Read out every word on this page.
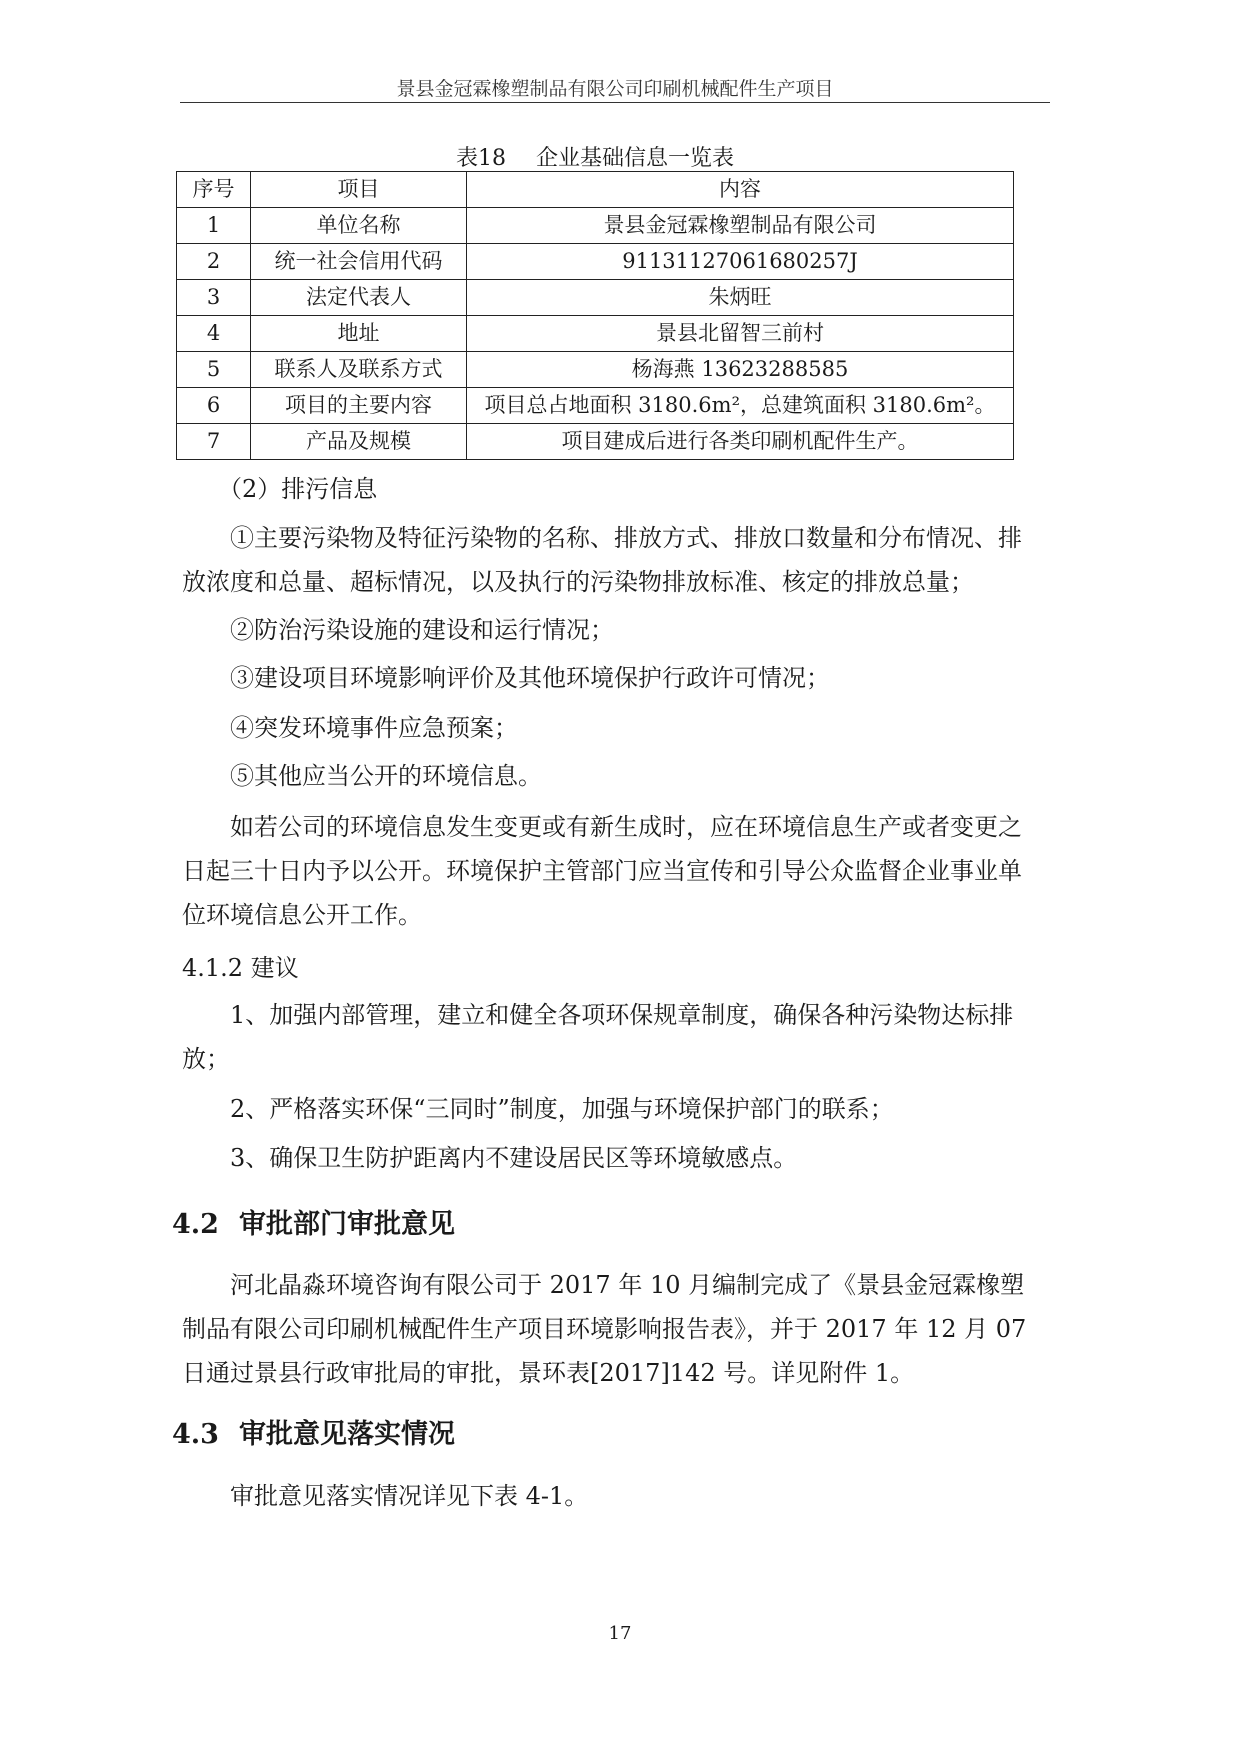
景县金冠霖橡塑制品有限公司印刷机械配件生产项目
表18 企业基础信息一览表
序号	项目	内容
1	单位名称	景县金冠霖橡塑制品有限公司
2	统一社会信用代码	91131127061680257J
3	法定代表人	朱炳旺
4	地址	景县北留智三前村
5	联系人及联系方式	杨海燕 13623288585
6	项目的主要内容	项目总占地面积 3180.6m²，总建筑面积 3180.6m²。
7	产品及规模	项目建成后进行各类印刷机配件生产。

（2）排污信息

①主要污染物及特征污染物的名称、排放方式、排放口数量和分布情况、排放浓度和总量、超标情况，以及执行的污染物排放标准、核定的排放总量；

②防治污染设施的建设和运行情况；

③建设项目环境影响评价及其他环境保护行政许可情况；

④突发环境事件应急预案；

⑤其他应当公开的环境信息。

如若公司的环境信息发生变更或有新生成时，应在环境信息生产或者变更之日起三十日内予以公开。环境保护主管部门应当宣传和引导公众监督企业事业单位环境信息公开工作。

4.1.2 建议

1、加强内部管理，建立和健全各项环保规章制度，确保各种污染物达标排放；

2、严格落实环保“三同时”制度，加强与环境保护部门的联系；

3、确保卫生防护距离内不建设居民区等环境敏感点。

4.2 审批部门审批意见

河北晶淼环境咨询有限公司于 2017 年 10 月编制完成了《景县金冠霖橡塑制品有限公司印刷机械配件生产项目环境影响报告表》，并于 2017 年 12 月 07 日通过景县行政审批局的审批，景环表[2017]142 号。详见附件 1。

4.3 审批意见落实情况

审批意见落实情况详见下表 4-1。

17
